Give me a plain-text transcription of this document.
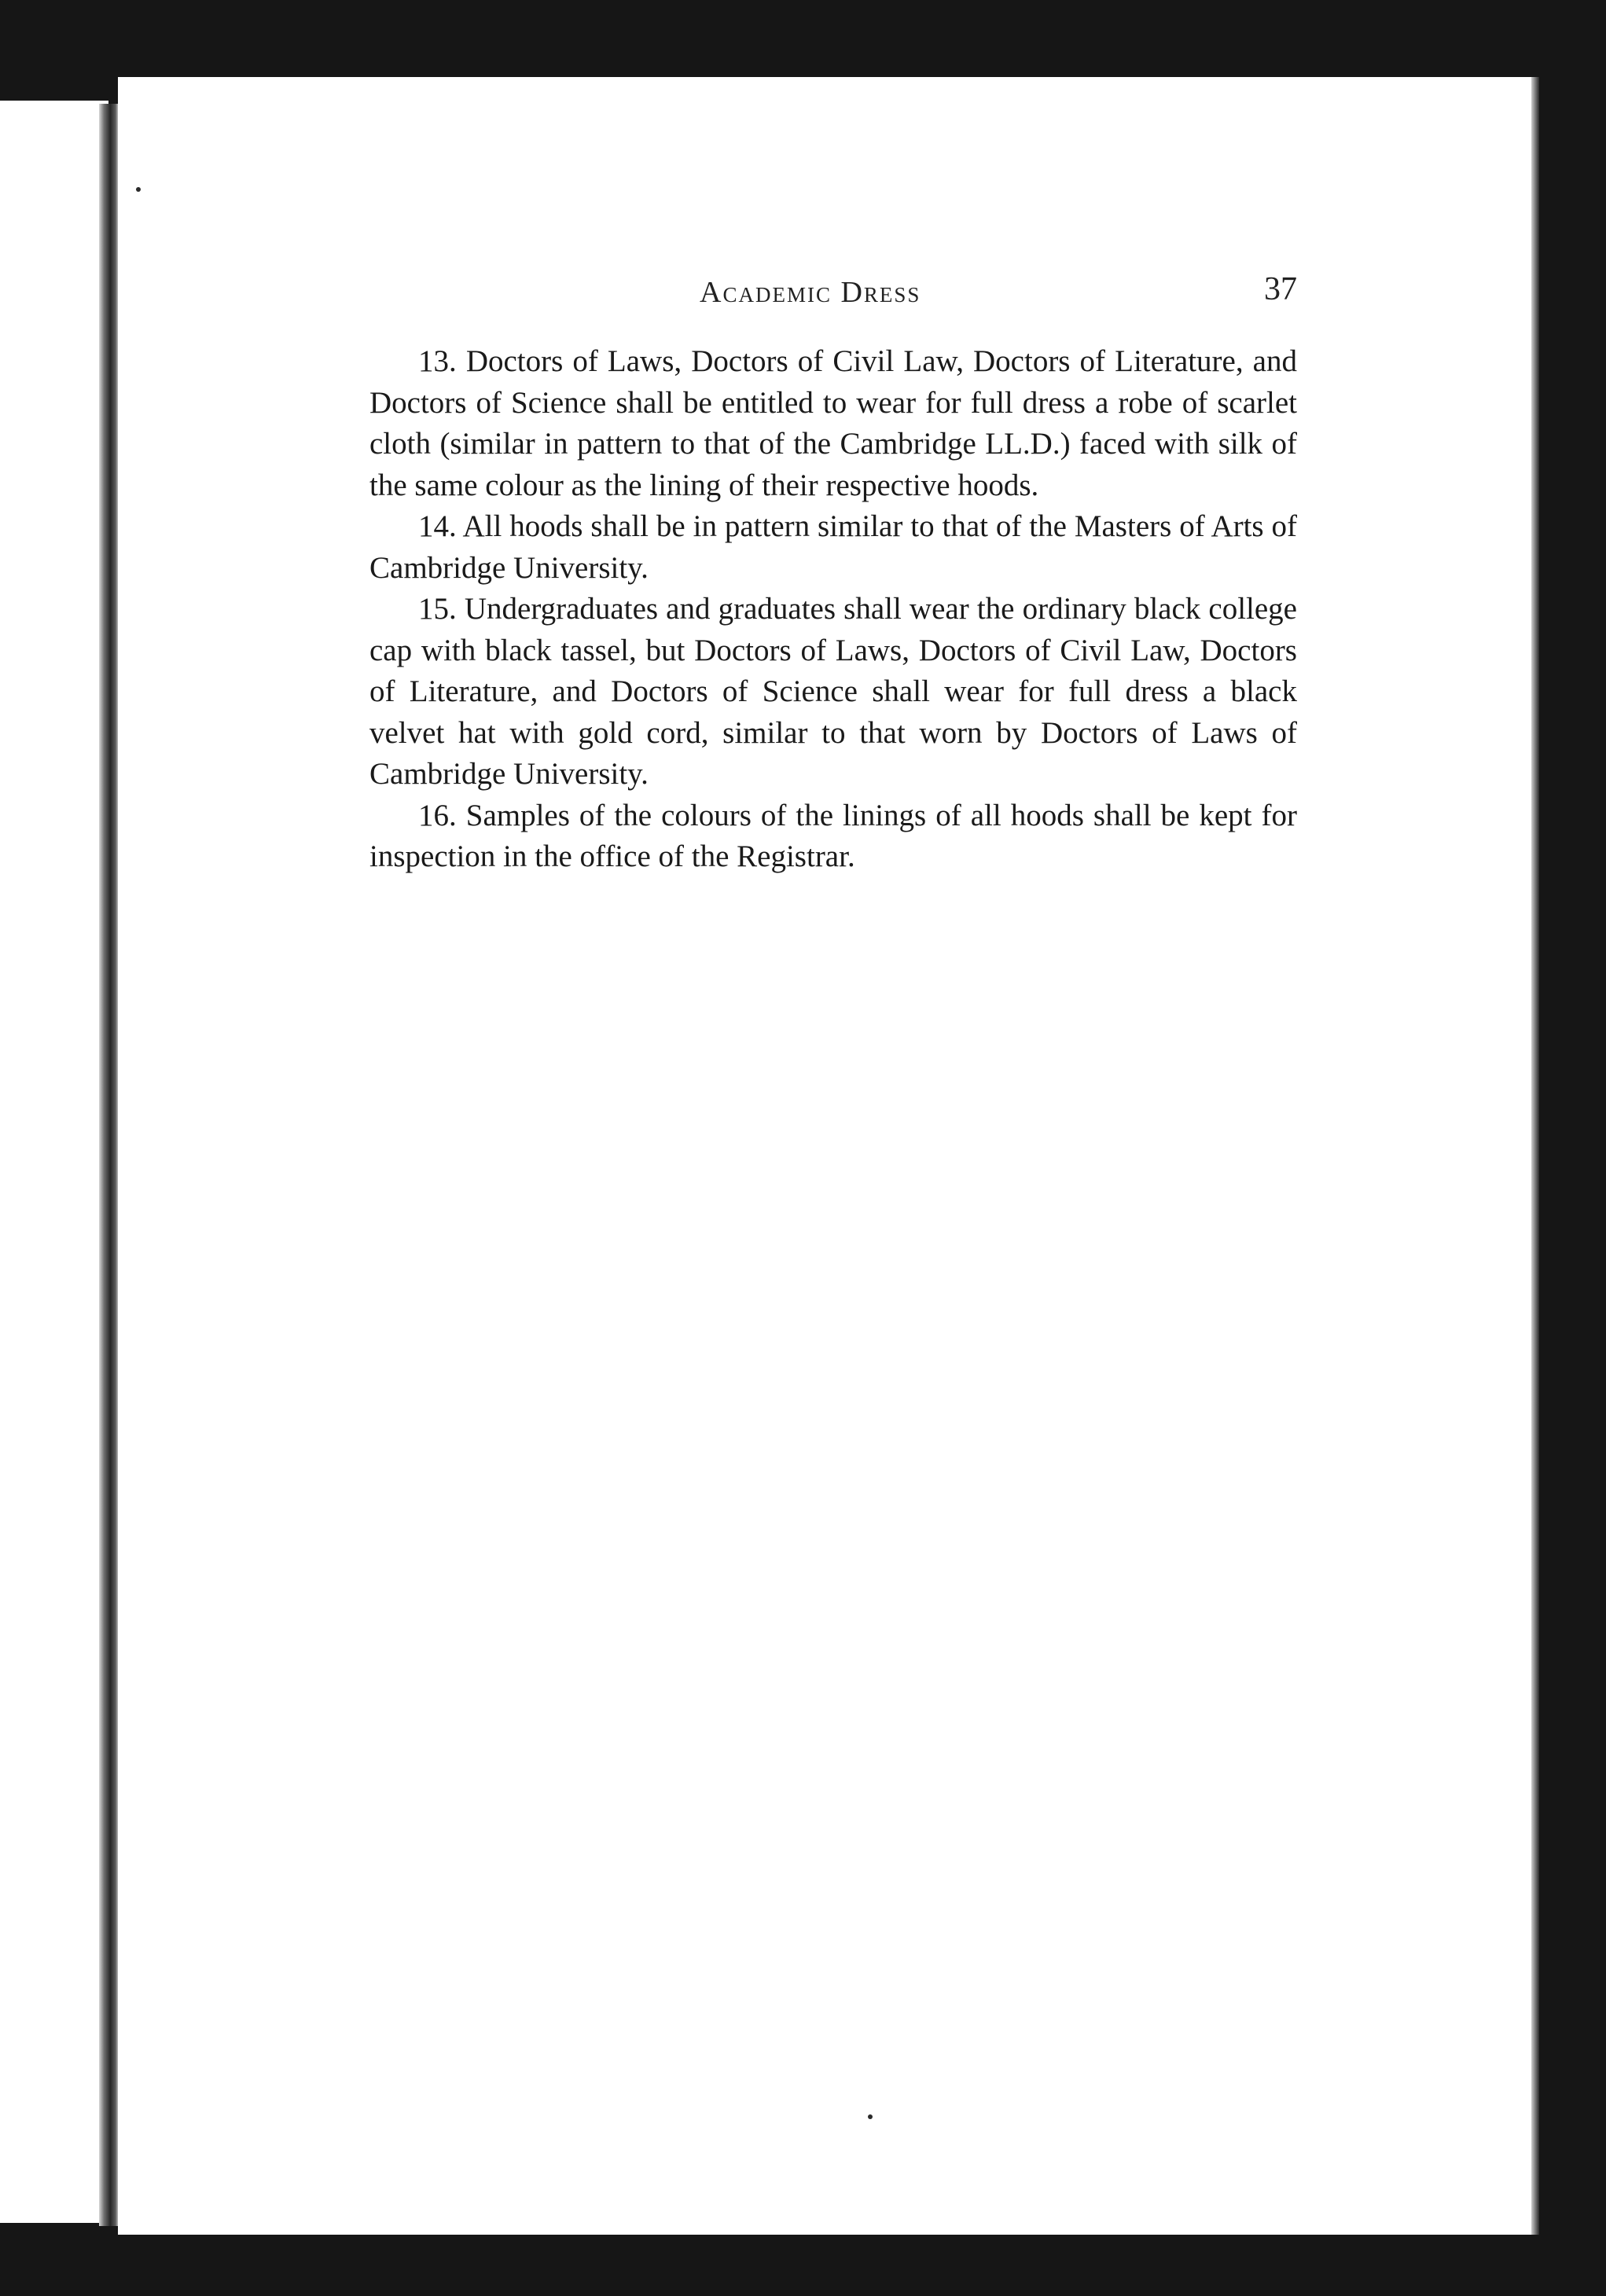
Academic Dress	37

13. Doctors of Laws, Doctors of Civil Law, Doctors of Literature, and Doctors of Science shall be entitled to wear for full dress a robe of scarlet cloth (similar in pattern to that of the Cambridge LL.D.) faced with silk of the same colour as the lining of their respective hoods.

14. All hoods shall be in pattern similar to that of the Masters of Arts of Cambridge University.

15. Undergraduates and graduates shall wear the ordinary black college cap with black tassel, but Doctors of Laws, Doctors of Civil Law, Doctors of Literature, and Doctors of Science shall wear for full dress a black velvet hat with gold cord, similar to that worn by Doctors of Laws of Cambridge University.

16. Samples of the colours of the linings of all hoods shall be kept for inspection in the office of the Registrar.
